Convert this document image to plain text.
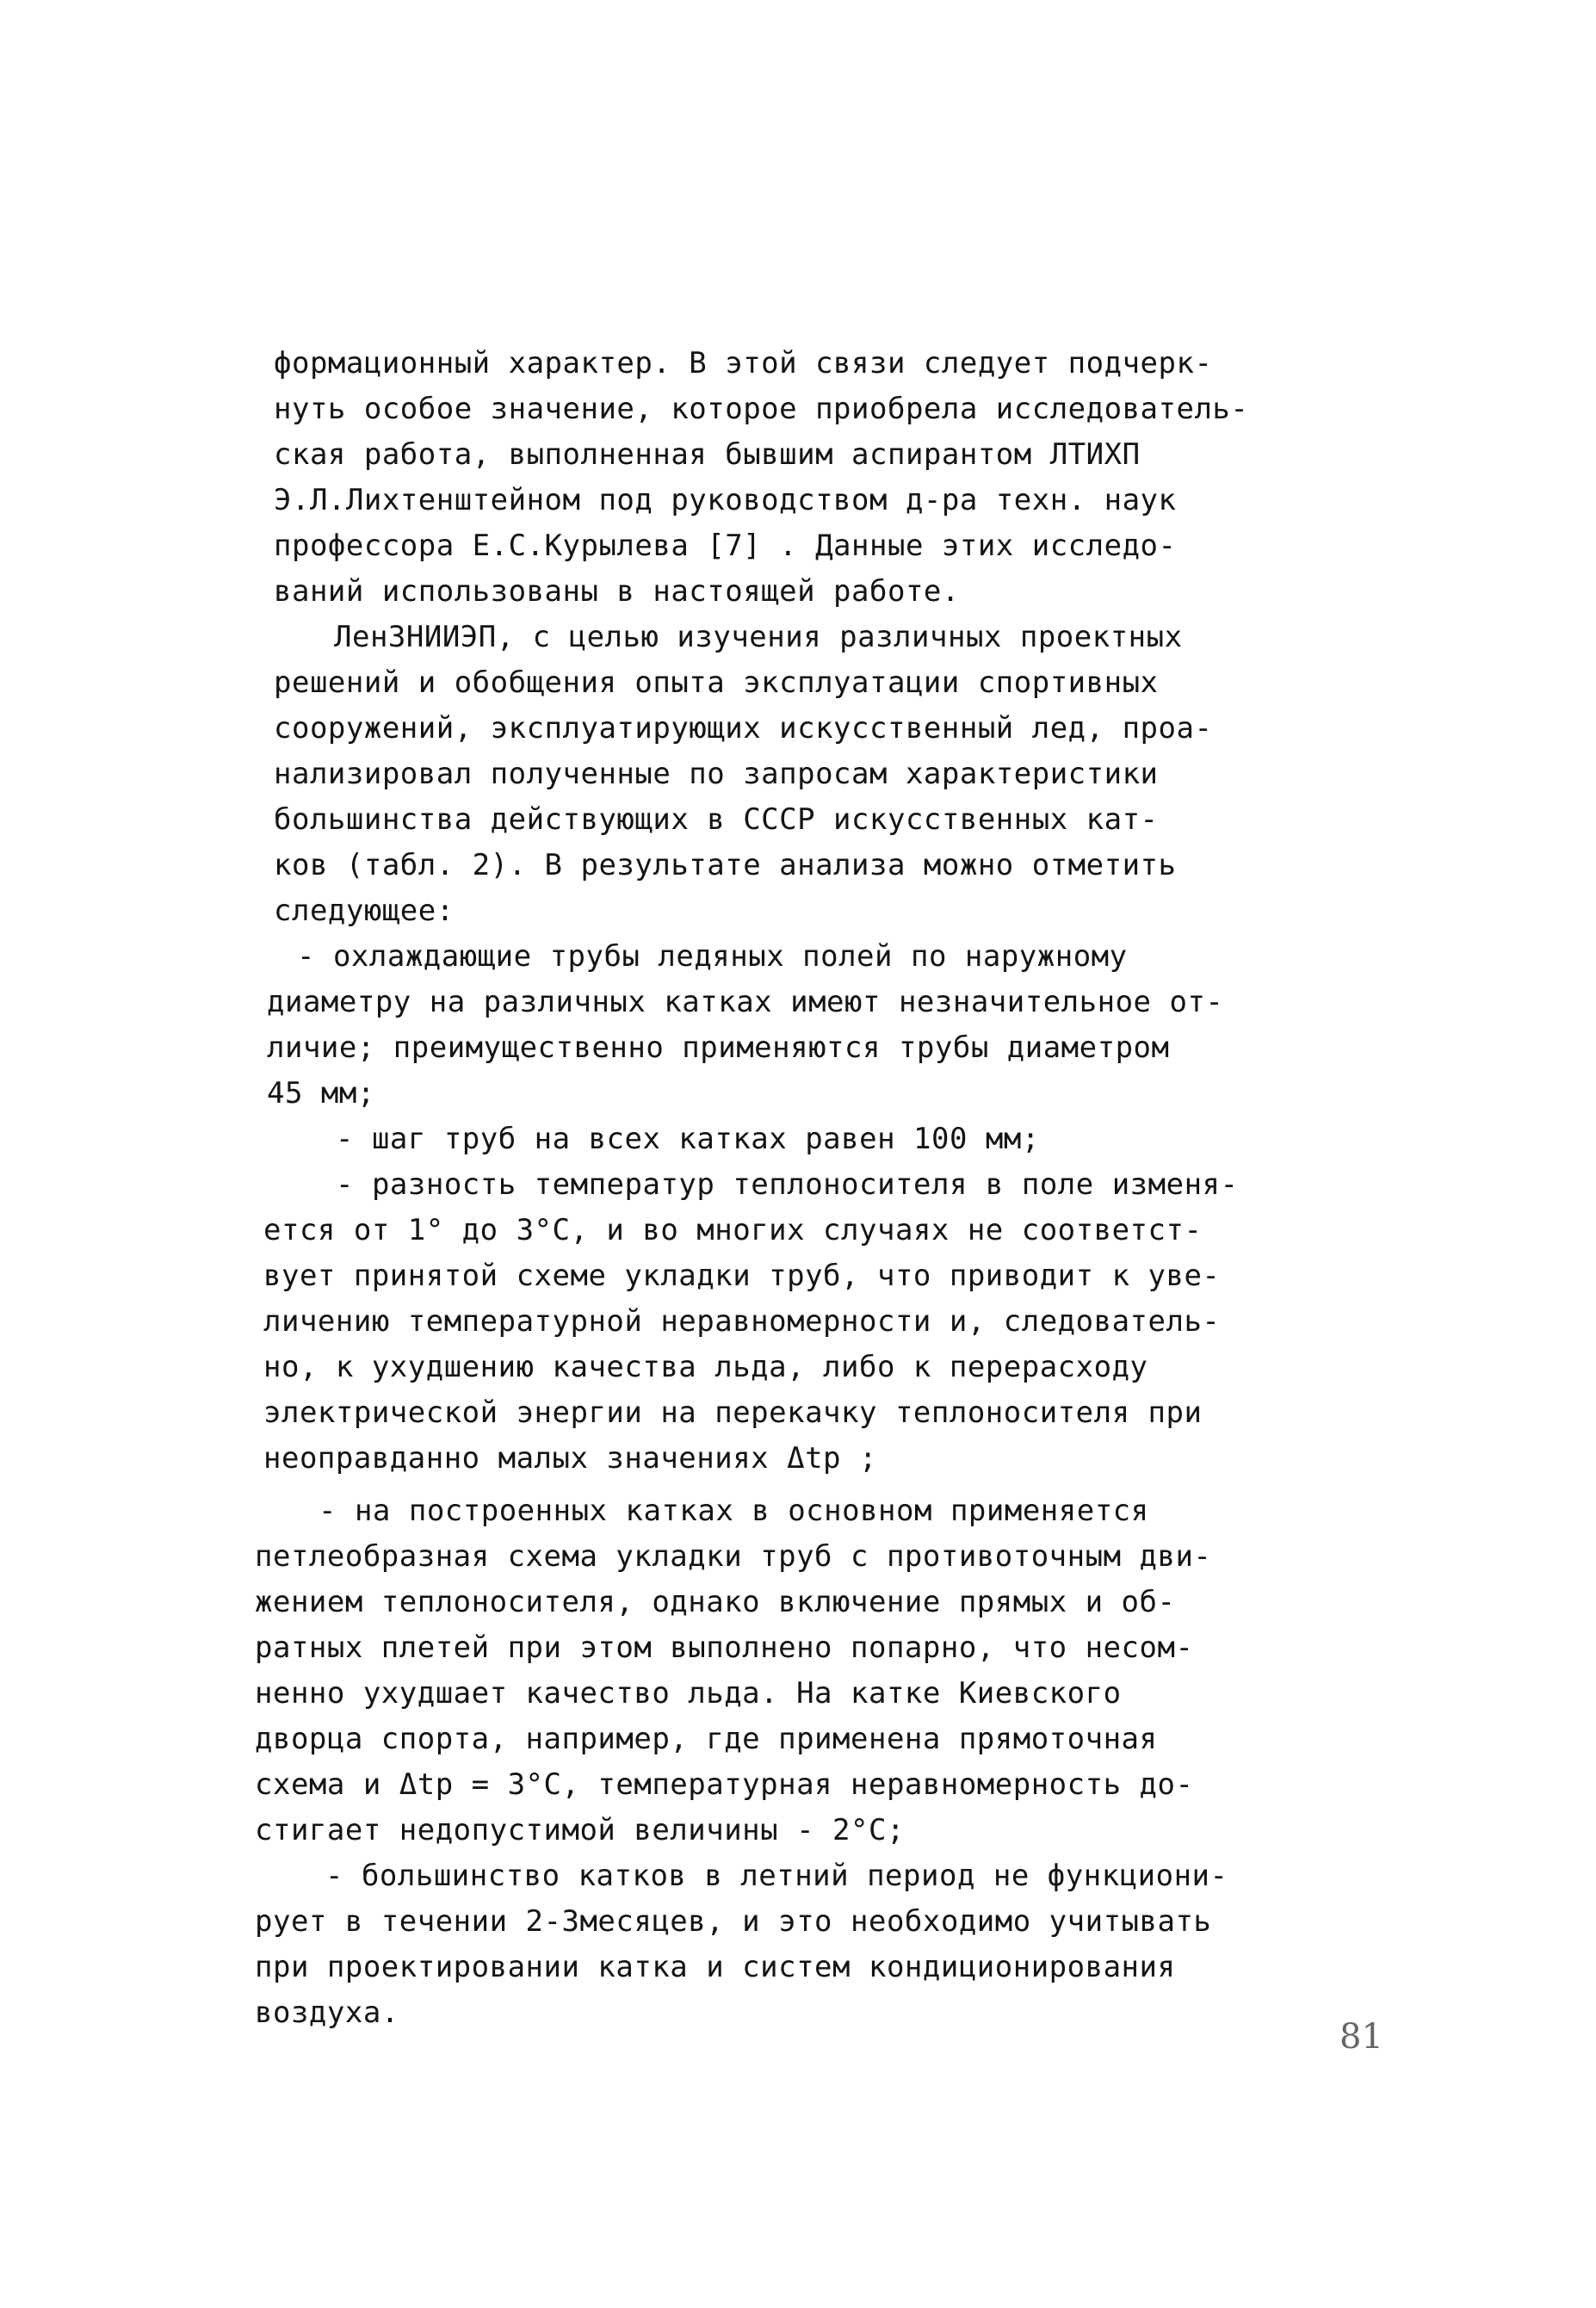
формационный характер. В этой связи следует подчерк-
нуть особое значение, которое приобрела исследователь-
ская работа, выполненная бывшим аспирантом ЛТИХП
Э.Л.Лихтенштейном под руководством д-ра техн. наук
профессора Е.С.Курылева [7] . Данные этих исследо-
ваний использованы в настоящей работе.
ЛенЗНИИЭП, с целью изучения различных проектных
решений и обобщения опыта эксплуатации спортивных
сооружений, эксплуатирующих искусственный лед, проа-
нализировал полученные по запросам характеристики
большинства действующих в СССР искусственных кат-
ков (табл. 2). В результате анализа можно отметить
следующее:
- охлаждающие трубы ледяных полей по наружному
диаметру на различных катках имеют незначительное от-
личие; преимущественно применяются трубы диаметром
45 мм;
- шаг труб на всех катках равен 100 мм;
- разность температур теплоносителя в поле изменя-
ется от 1° до 3°С, и во многих случаях не соответст-
вует принятой схеме укладки труб, что приводит к уве-
личению температурной неравномерности и, следователь-
но, к ухудшению качества льда, либо к перерасходу
электрической энергии на перекачку теплоносителя при
неоправданно малых значениях Δtp ;
- на построенных катках в основном применяется
петлеобразная схема укладки труб с противоточным дви-
жением теплоносителя, однако включение прямых и об-
ратных плетей при этом выполнено попарно, что несом-
ненно ухудшает качество льда. На катке Киевского
дворца спорта, например, где применена прямоточная
схема и Δtp = 3°С, температурная неравномерность до-
стигает недопустимой величины - 2°С;
- большинство катков в летний период не функциони-
рует в течении 2-3месяцев, и это необходимо учитывать
при проектировании катка и систем кондиционирования
воздуха.
81
